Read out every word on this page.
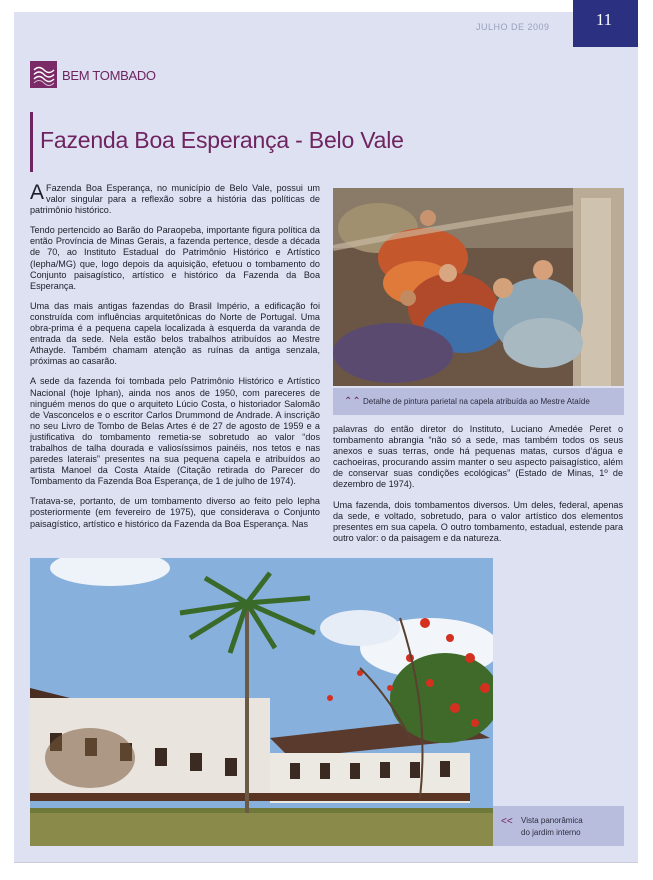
JULHO DE 2009	11
BEM TOMBADO
Fazenda Boa Esperança - Belo Vale

A Fazenda Boa Esperança, no município de Belo Vale, possui um valor singular para a reflexão sobre a história das políticas de patrimônio histórico.

Tendo pertencido ao Barão do Paraopeba, importante figura política da então Província de Minas Gerais, a fazenda pertence, desde a década de 70, ao Instituto Estadual do Patrimônio Histórico e Artístico (Iepha/MG) que, logo depois da aquisição, efetuou o tombamento do Conjunto paisagístico, artístico e histórico da Fazenda da Boa Esperança.

Uma das mais antigas fazendas do Brasil Império, a edificação foi construída com influências arquitetônicas do Norte de Portugal. Uma obra-prima é a pequena capela localizada à esquerda da varanda de entrada da sede. Nela estão belos trabalhos atribuídos ao Mestre Athayde. Também chamam atenção as ruínas da antiga senzala, próximas ao casarão.

A sede da fazenda foi tombada pelo Patrimônio Histórico e Artístico Nacional (hoje Iphan), ainda nos anos de 1950, com pareceres de ninguém menos do que o arquiteto Lúcio Costa, o historiador Salomão de Vasconcelos e o escritor Carlos Drummond de Andrade. A inscrição no seu Livro de Tombo de Belas Artes é de 27 de agosto de 1959 e a justificativa do tombamento remetia-se sobretudo ao valor “dos trabalhos de talha dourada e valiosíssimos painéis, nos tetos e nas paredes laterais” presentes na sua pequena capela e atribuídos ao artista Manoel da Costa Ataíde (Citação retirada do Parecer do Tombamento da Fazenda Boa Esperança, de 1 de julho de 1974).

Tratava-se, portanto, de um tombamento diverso ao feito pelo Iepha posteriormente (em fevereiro de 1975), que considerava o Conjunto paisagístico, artístico e histórico da Fazenda da Boa Esperança. Nas

⌃⌃ Detalhe de pintura parietal na capela atribuída ao Mestre Ataíde

palavras do então diretor do Instituto, Luciano Amedée Peret o tombamento abrangia “não só a sede, mas também todos os seus anexos e suas terras, onde há pequenas matas, cursos d’água e cachoeiras, procurando assim manter o seu aspecto paisagístico, além de conservar suas condições ecológicas” (Estado de Minas, 1º de dezembro de 1974).

Uma fazenda, dois tombamentos diversos. Um deles, federal, apenas da sede, e voltado, sobretudo, para o valor artístico dos elementos presentes em sua capela. O outro tombamento, estadual, estende para outro valor: o da paisagem e da natureza.

<< Vista panorâmica
do jardim interno
